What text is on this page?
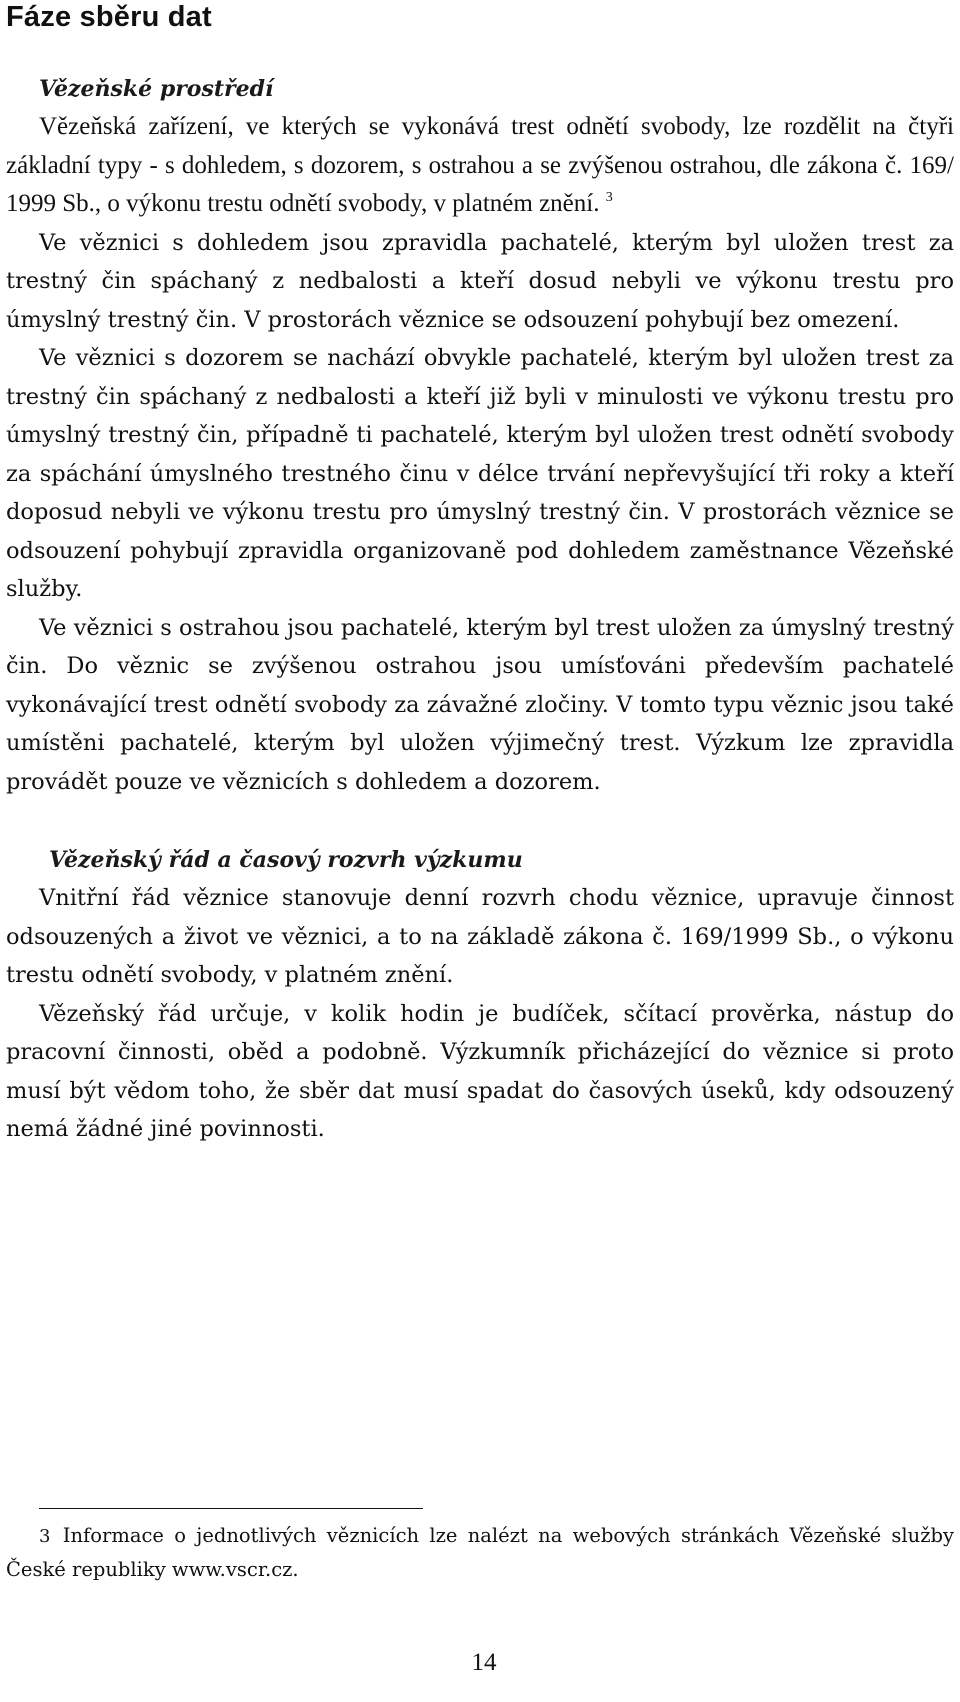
Fáze sběru dat
Vězeňské prostředí

Vězeňská zařízení, ve kterých se vykonává trest odnětí svobody, lze rozdělit na čtyři základní typy - s dohledem, s dozorem, s ostrahou a se zvýšenou ostrahou, dle zákona č. 169/ 1999 Sb., o výkonu trestu odnětí svobody, v platném znění. $^3$

Ve věznici s dohledem jsou zpravidla pachatelé, kterým byl uložen trest za trestný čin spáchaný z nedbalosti a kteří dosud nebyli ve výkonu trestu pro úmyslný trestný čin. V prostorách věznice se odsouzení pohybují bez omezení.

Ve věznici s dozorem se nachází obvykle pachatelé, kterým byl uložen trest za trestný čin spáchaný z nedbalosti a kteří již byli v minulosti ve výkonu trestu pro úmyslný trestný čin, případně ti pachatelé, kterým byl uložen trest odnětí svobody za spáchání úmyslného trestného činu v délce trvání nepřevyšující tři roky a kteří doposud nebyli ve výkonu trestu pro úmyslný trestný čin. V prostorách věznice se odsouzení pohybují zpravidla organizovaně pod dohledem zaměstnance Vězeňské služby.

Ve věznici s ostrahou jsou pachatelé, kterým byl trest uložen za úmyslný trestný čin. Do věznic se zvýšenou ostrahou jsou umísťováni především pachatelé vykonávající trest odnětí svobody za závažné zločiny. V tomto typu věznic jsou také umístěni pachatelé, kterým byl uložen výjimečný trest. Výzkum lze zpravidla provádět pouze ve věznicích s dohledem a dozorem.

Vězeňský řád a časový rozvrh výzkumu

Vnitřní řád věznice stanovuje denní rozvrh chodu věznice, upravuje činnost odsouzených a život ve věznici, a to na základě zákona č. 169/1999 Sb., o výkonu trestu odnětí svobody, v platném znění.

Vězeňský řád určuje, v kolik hodin je budíček, sčítací prověrka, nástup do pracovní činnosti, oběd a podobně. Výzkumník přicházející do věznice si proto musí být vědom toho, že sběr dat musí spadat do časových úseků, kdy odsouzený nemá žádné jiné povinnosti.

3 Informace o jednotlivých věznicích lze nalézt na webových stránkách Vězeňské služby České republiky www.vscr.cz.

14
